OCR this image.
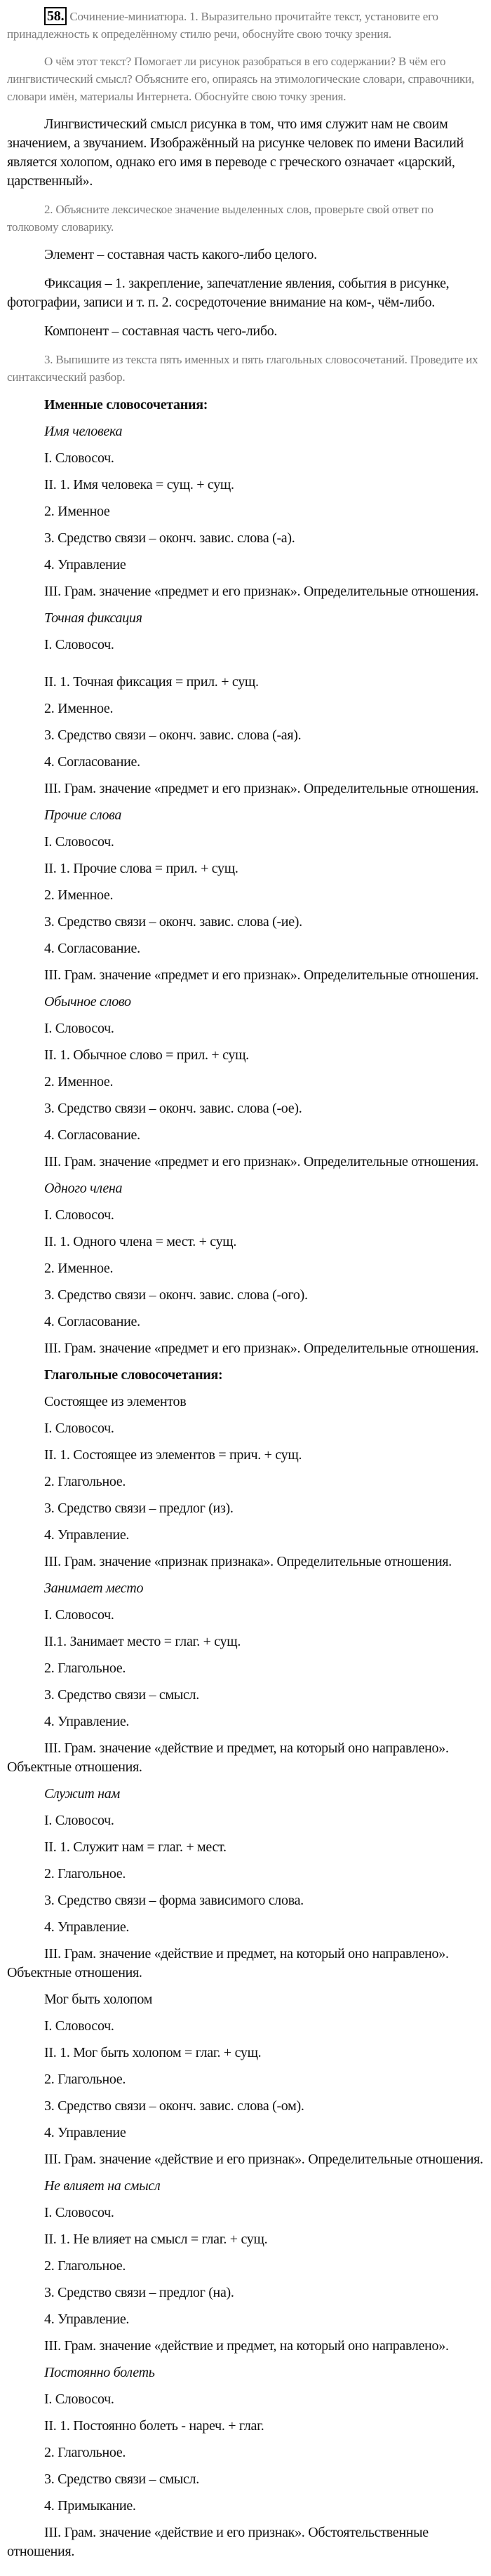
58. Сочинение-миниатюра. 1. Выразительно прочитайте текст, установите его принадлежность к определённому стилю речи, обоснуйте свою точку зрения.

О чём этот текст? Помогает ли рисунок разобраться в его содержании? В чём его лингвистический смысл? Объясните его, опираясь на этимологические словари, справочники, словари имён, материалы Интернета. Обоснуйте свою точку зрения.

Лингвистический смысл рисунка в том, что имя служит нам не своим значением, а звучанием. Изображённый на рисунке человек по имени Василий является холопом, однако его имя в переводе с греческого означает «царский, царственный».

2. Объясните лексическое значение выделенных слов, проверьте свой ответ по толковому словарику.

Элемент – составная часть какого-либо целого.

Фиксация – 1. закрепление, запечатление явления, события в рисунке, фотографии, записи и т. п. 2. сосредоточение внимание на ком-, чём-либо.

Компонент – составная часть чего-либо.

3. Выпишите из текста пять именных и пять глагольных словосочетаний. Проведите их синтаксический разбор.

Именные словосочетания:

Имя человека

I. Словосоч.

II. 1. Имя человека = сущ. + сущ.

2. Именное

3. Средство связи – оконч. завис. слова (-а).

4. Управление

III. Грам. значение «предмет и его признак». Определительные отношения.

Точная фиксация

I. Словосоч.

II. 1. Точная фиксация = прил. + сущ.

2. Именное.

3. Средство связи – оконч. завис. слова (-ая).

4. Согласование.

III. Грам. значение «предмет и его признак». Определительные отношения.

Прочие слова

I. Словосоч.

II. 1. Прочие слова = прил. + сущ.

2. Именное.

3. Средство связи – оконч. завис. слова (-ие).

4. Согласование.

III. Грам. значение «предмет и его признак». Определительные отношения.

Обычное слово

I. Словосоч.

II. 1. Обычное слово = прил. + сущ.

2. Именное.

3. Средство связи – оконч. завис. слова (-ое).

4. Согласование.

III. Грам. значение «предмет и его признак». Определительные отношения.

Одного члена

I. Словосоч.

II. 1. Одного члена = мест. + сущ.

2. Именное.

3. Средство связи – оконч. завис. слова (-ого).

4. Согласование.

III. Грам. значение «предмет и его признак». Определительные отношения.

Глагольные словосочетания:

Состоящее из элементов

I. Словосоч.

II. 1. Состоящее из элементов = прич. + сущ.

2. Глагольное.

3. Средство связи – предлог (из).

4. Управление.

III. Грам. значение «признак признака». Определительные отношения.

Занимает место

I. Словосоч.

II.1. Занимает место = глаг. + сущ.

2. Глагольное.

3. Средство связи – смысл.

4. Управление.

III. Грам. значение «действие и предмет, на который оно направлено». Объектные отношения.

Служит нам

I. Словосоч.

II. 1. Служит нам = глаг. + мест.

2. Глагольное.

3. Средство связи – форма зависимого слова.

4. Управление.

III. Грам. значение «действие и предмет, на который оно направлено». Объектные отношения.

Мог быть холопом

I. Словосоч.

II. 1. Мог быть холопом = глаг. + сущ.

2. Глагольное.

3. Средство связи – оконч. завис. слова (-ом).

4. Управление

III. Грам. значение «действие и его признак». Определительные отношения.

Не влияет на смысл

I. Словосоч.

II. 1. Не влияет на смысл = глаг. + сущ.

2. Глагольное.

3. Средство связи – предлог (на).

4. Управление.

III. Грам. значение «действие и предмет, на который оно направлено».

Постоянно болеть

I. Словосоч.

II. 1. Постоянно болеть - нареч. + глаг.

2. Глагольное.

3. Средство связи – смысл.

4. Примыкание.

III. Грам. значение «действие и его признак». Обстоятельственные отношения.
